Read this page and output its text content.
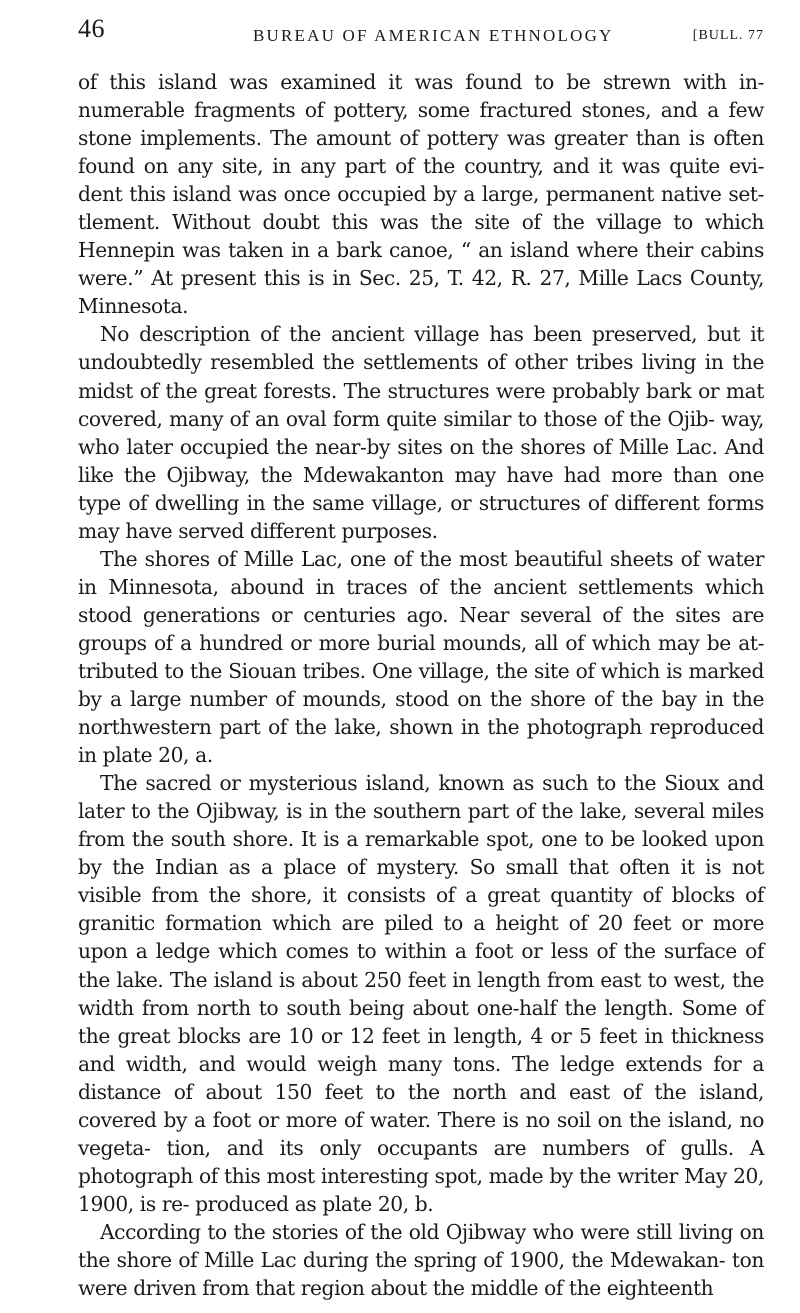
46	BUREAU OF AMERICAN ETHNOLOGY	[BULL. 77

of this island was examined it was found to be strewn with in- numerable fragments of pottery, some fractured stones, and a few stone implements. The amount of pottery was greater than is often found on any site, in any part of the country, and it was quite evi- dent this island was once occupied by a large, permanent native set- tlement. Without doubt this was the site of the village to which Hennepin was taken in a bark canoe, “ an island where their cabins were.” At present this is in Sec. 25, T. 42, R. 27, Mille Lacs County, Minnesota.

No description of the ancient village has been preserved, but it undoubtedly resembled the settlements of other tribes living in the midst of the great forests. The structures were probably bark or mat covered, many of an oval form quite similar to those of the Ojib- way, who later occupied the near-by sites on the shores of Mille Lac. And like the Ojibway, the Mdewakanton may have had more than one type of dwelling in the same village, or structures of different forms may have served different purposes.

The shores of Mille Lac, one of the most beautiful sheets of water in Minnesota, abound in traces of the ancient settlements which stood generations or centuries ago. Near several of the sites are groups of a hundred or more burial mounds, all of which may be at- tributed to the Siouan tribes. One village, the site of which is marked by a large number of mounds, stood on the shore of the bay in the northwestern part of the lake, shown in the photograph reproduced in plate 20, a.

The sacred or mysterious island, known as such to the Sioux and later to the Ojibway, is in the southern part of the lake, several miles from the south shore. It is a remarkable spot, one to be looked upon by the Indian as a place of mystery. So small that often it is not visible from the shore, it consists of a great quantity of blocks of granitic formation which are piled to a height of 20 feet or more upon a ledge which comes to within a foot or less of the surface of the lake. The island is about 250 feet in length from east to west, the width from north to south being about one-half the length. Some of the great blocks are 10 or 12 feet in length, 4 or 5 feet in thickness and width, and would weigh many tons. The ledge extends for a distance of about 150 feet to the north and east of the island, covered by a foot or more of water. There is no soil on the island, no vegeta- tion, and its only occupants are numbers of gulls. A photograph of this most interesting spot, made by the writer May 20, 1900, is re- produced as plate 20, b.

According to the stories of the old Ojibway who were still living on the shore of Mille Lac during the spring of 1900, the Mdewakan- ton were driven from that region about the middle of the eighteenth
